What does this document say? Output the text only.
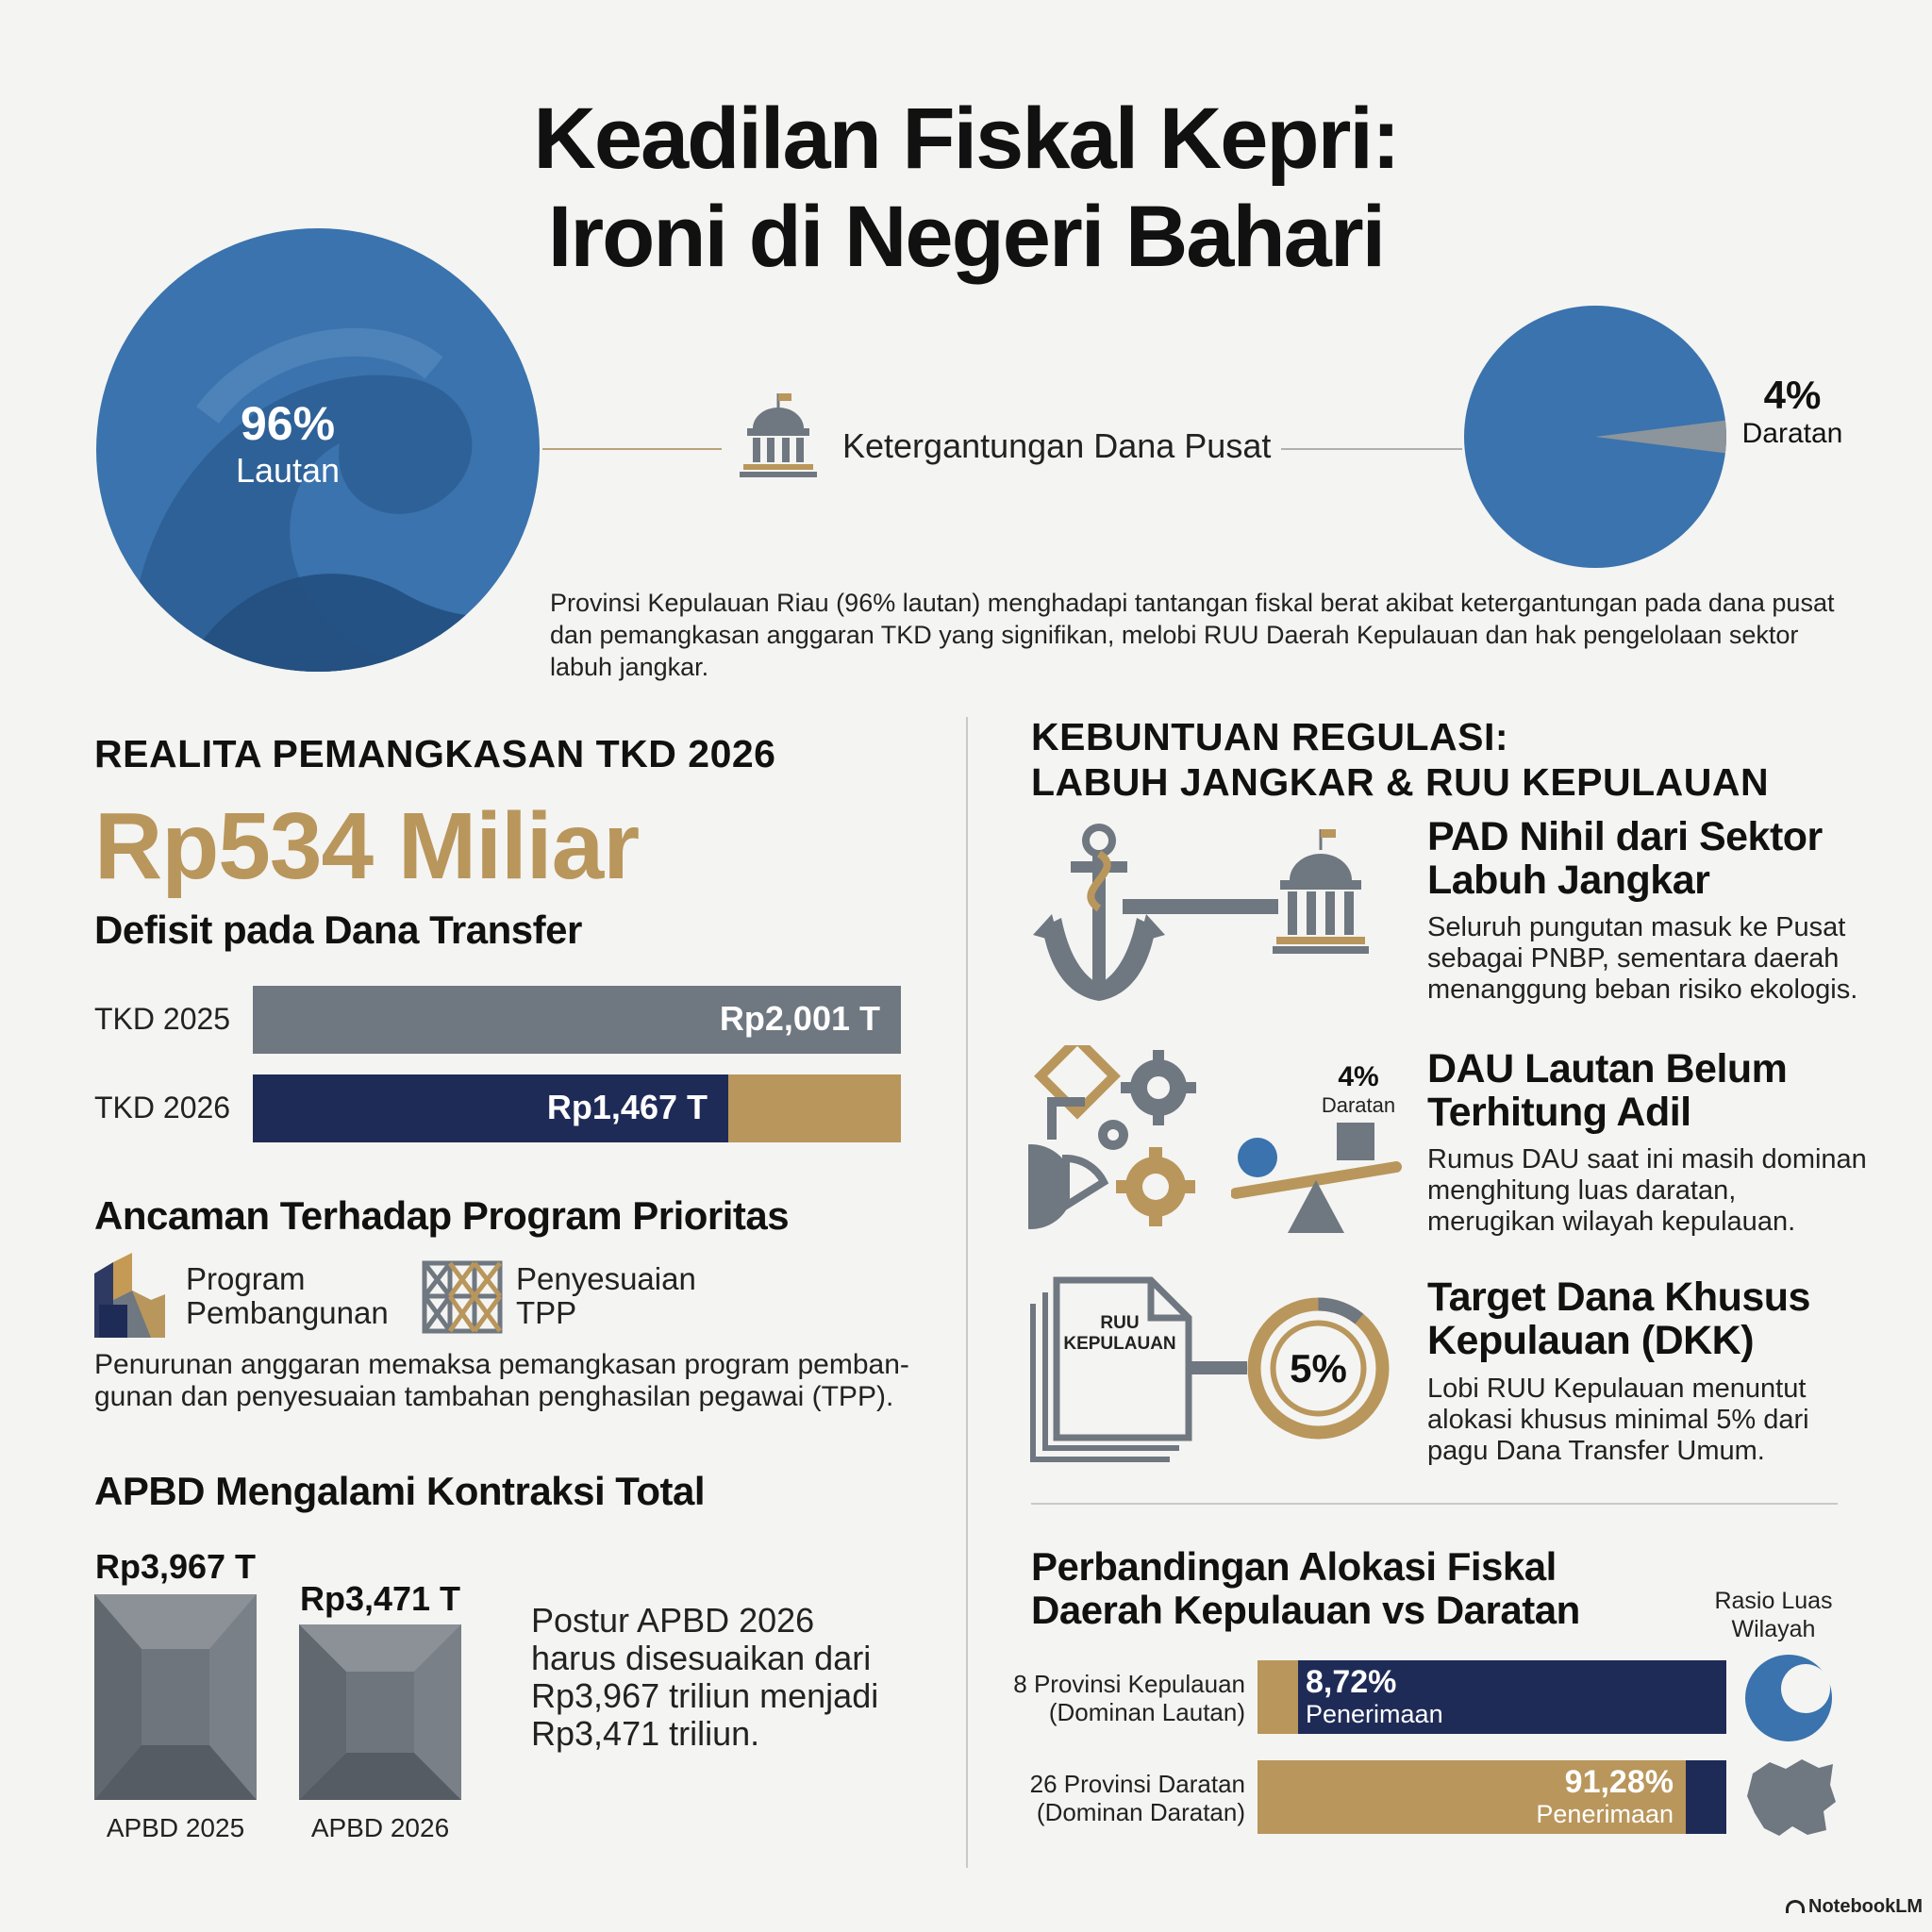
Keadilan Fiskal Kepri:
Ironi di Negeri Bahari
96%
Lautan
Ketergantungan Dana Pusat
4%
Daratan
Provinsi Kepulauan Riau (96% lautan) menghadapi tantangan fiskal berat akibat ketergantungan pada dana pusat dan pemangkasan anggaran TKD yang signifikan, melobi RUU Daerah Kepulauan dan hak pengelolaan sektor labuh jangkar.
REALITA PEMANGKASAN TKD 2026
Rp534 Miliar
Defisit pada Dana Transfer
TKD 2025	Rp2,001 T
TKD 2026	Rp1,467 T
Ancaman Terhadap Program Prioritas
Program
Pembangunan
Penyesuaian
TPP
Penurunan anggaran memaksa pemangkasan program pemban-
gunan dan penyesuaian tambahan penghasilan pegawai (TPP).
APBD Mengalami Kontraksi Total
Rp3,967 T
APBD 2025
Rp3,471 T
APBD 2026
Postur APBD 2026 harus disesuaikan dari Rp3,967 triliun menjadi Rp3,471 triliun.
KEBUNTUAN REGULASI:
LABUH JANGKAR & RUU KEPULAUAN
PAD Nihil dari Sektor
Labuh Jangkar
Seluruh pungutan masuk ke Pusat
sebagai PNBP, sementara daerah
menanggung beban risiko ekologis.
4%
Daratan
DAU Lautan Belum
Terhitung Adil
Rumus DAU saat ini masih dominan
menghitung luas daratan,
merugikan wilayah kepulauan.
RUU
KEPULAUAN
5%
Target Dana Khusus
Kepulauan (DKK)
Lobi RUU Kepulauan menuntut
alokasi khusus minimal 5% dari
pagu Dana Transfer Umum.
Perbandingan Alokasi Fiskal
Daerah Kepulauan vs Daratan	Rasio Luas
Wilayah
8 Provinsi Kepulauan
(Dominan Lautan)
8,72%
Penerimaan
26 Provinsi Daratan
(Dominan Daratan)
91,28%
Penerimaan
NotebookLM
